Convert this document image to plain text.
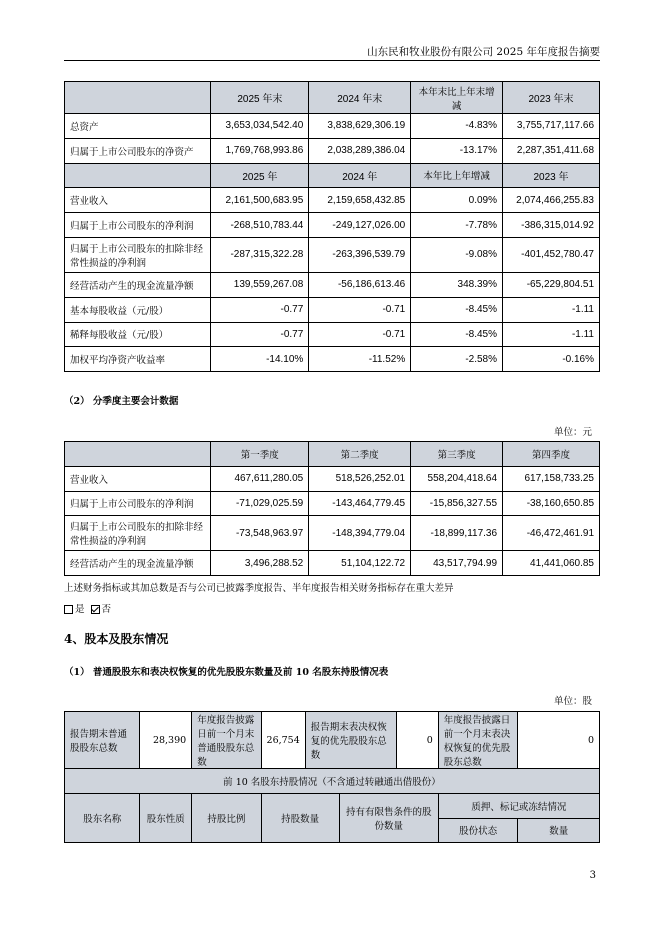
山东民和牧业股份有限公司 2025 年年度报告摘要
	2025 年末	2024 年末	本年末比上年末增减	2023 年末
总资产	3,653,034,542.40	3,838,629,306.19	-4.83%	3,755,717,117.66
归属于上市公司股东的净资产	1,769,768,993.86	2,038,289,386.04	-13.17%	2,287,351,411.68
	2025 年	2024 年	本年比上年增减	2023 年
营业收入	2,161,500,683.95	2,159,658,432.85	0.09%	2,074,466,255.83
归属于上市公司股东的净利润	-268,510,783.44	-249,127,026.00	-7.78%	-386,315,014.92
归属于上市公司股东的扣除非经常性损益的净利润	-287,315,322.28	-263,396,539.79	-9.08%	-401,452,780.47
经营活动产生的现金流量净额	139,559,267.08	-56,186,613.46	348.39%	-65,229,804.51
基本每股收益（元/股）	-0.77	-0.71	-8.45%	-1.11
稀释每股收益（元/股）	-0.77	-0.71	-8.45%	-1.11
加权平均净资产收益率	-14.10%	-11.52%	-2.58%	-0.16%
（2） 分季度主要会计数据
单位：元
	第一季度	第二季度	第三季度	第四季度
营业收入	467,611,280.05	518,526,252.01	558,204,418.64	617,158,733.25
归属于上市公司股东的净利润	-71,029,025.59	-143,464,779.45	-15,856,327.55	-38,160,650.85
归属于上市公司股东的扣除非经常性损益的净利润	-73,548,963.97	-148,394,779.04	-18,899,117.36	-46,472,461.91
经营活动产生的现金流量净额	3,496,288.52	51,104,122.72	43,517,794.99	41,441,060.85
上述财务指标或其加总数是否与公司已披露季度报告、半年度报告相关财务指标存在重大差异
是 否
4、股本及股东情况
（1） 普通股股东和表决权恢复的优先股股东数量及前 10 名股东持股情况表
单位：股
报告期末普通股股东总数	28,390	年度报告披露日前一个月末普通股股东总数	26,754	报告期末表决权恢复的优先股股东总数		0	年度报告披露日前一个月末表决权恢复的优先股股东总数	0
前 10 名股东持股情况（不含通过转融通出借股份）								
股东名称	股东性质	持股比例	持股数量		持有有限售条件的股份数量		质押、标记或冻结情况	
							股份状态	数量
3
